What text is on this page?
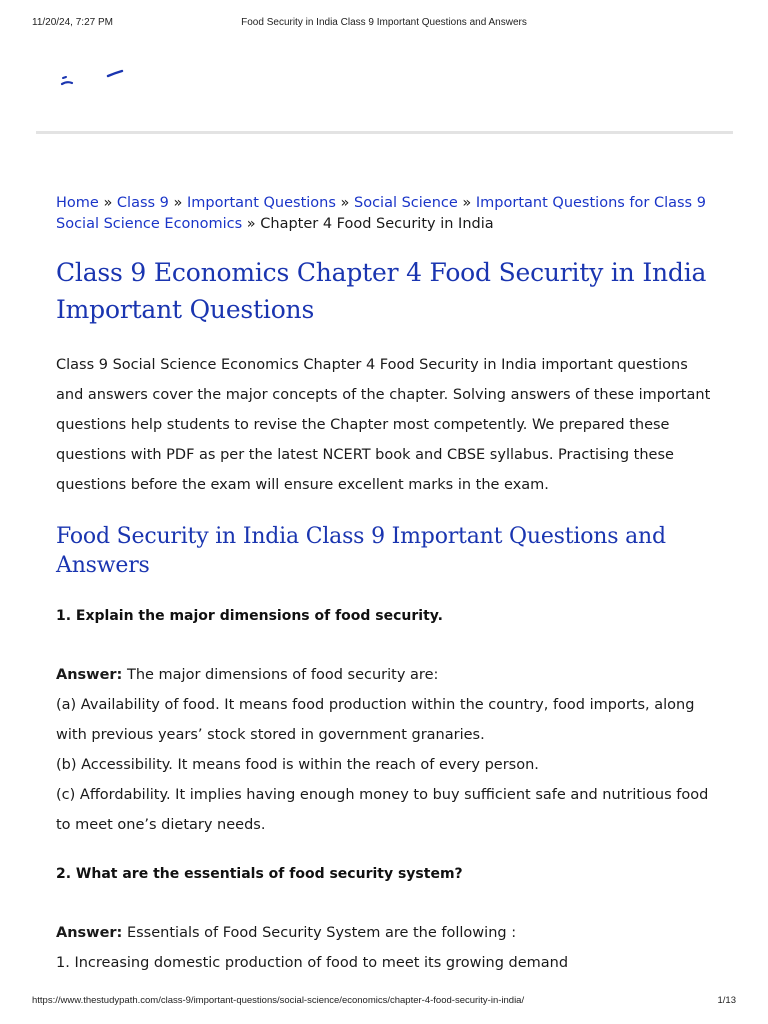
11/20/24, 7:27 PM	Food Security in India Class 9 Important Questions and Answers
Home » Class 9 » Important Questions » Social Science » Important Questions for Class 9 Social Science Economics » Chapter 4 Food Security in India
Class 9 Economics Chapter 4 Food Security in India Important Questions

Class 9 Social Science Economics Chapter 4 Food Security in India important questions and answers cover the major concepts of the chapter. Solving answers of these important questions help students to revise the Chapter most competently. We prepared these questions with PDF as per the latest NCERT book and CBSE syllabus. Practising these questions before the exam will ensure excellent marks in the exam.

Food Security in India Class 9 Important Questions and Answers

1. Explain the major dimensions of food security.

Answer: The major dimensions of food security are:
(a) Availability of food. It means food production within the country, food imports, along with previous years’ stock stored in government granaries.
(b) Accessibility. It means food is within the reach of every person.
(c) Affordability. It implies having enough money to buy sufficient safe and nutritious food to meet one’s dietary needs.

2. What are the essentials of food security system?

Answer: Essentials of Food Security System are the following :
1. Increasing domestic production of food to meet its growing demand
https://www.thestudypath.com/class-9/important-questions/social-science/economics/chapter-4-food-security-in-india/	1/13
